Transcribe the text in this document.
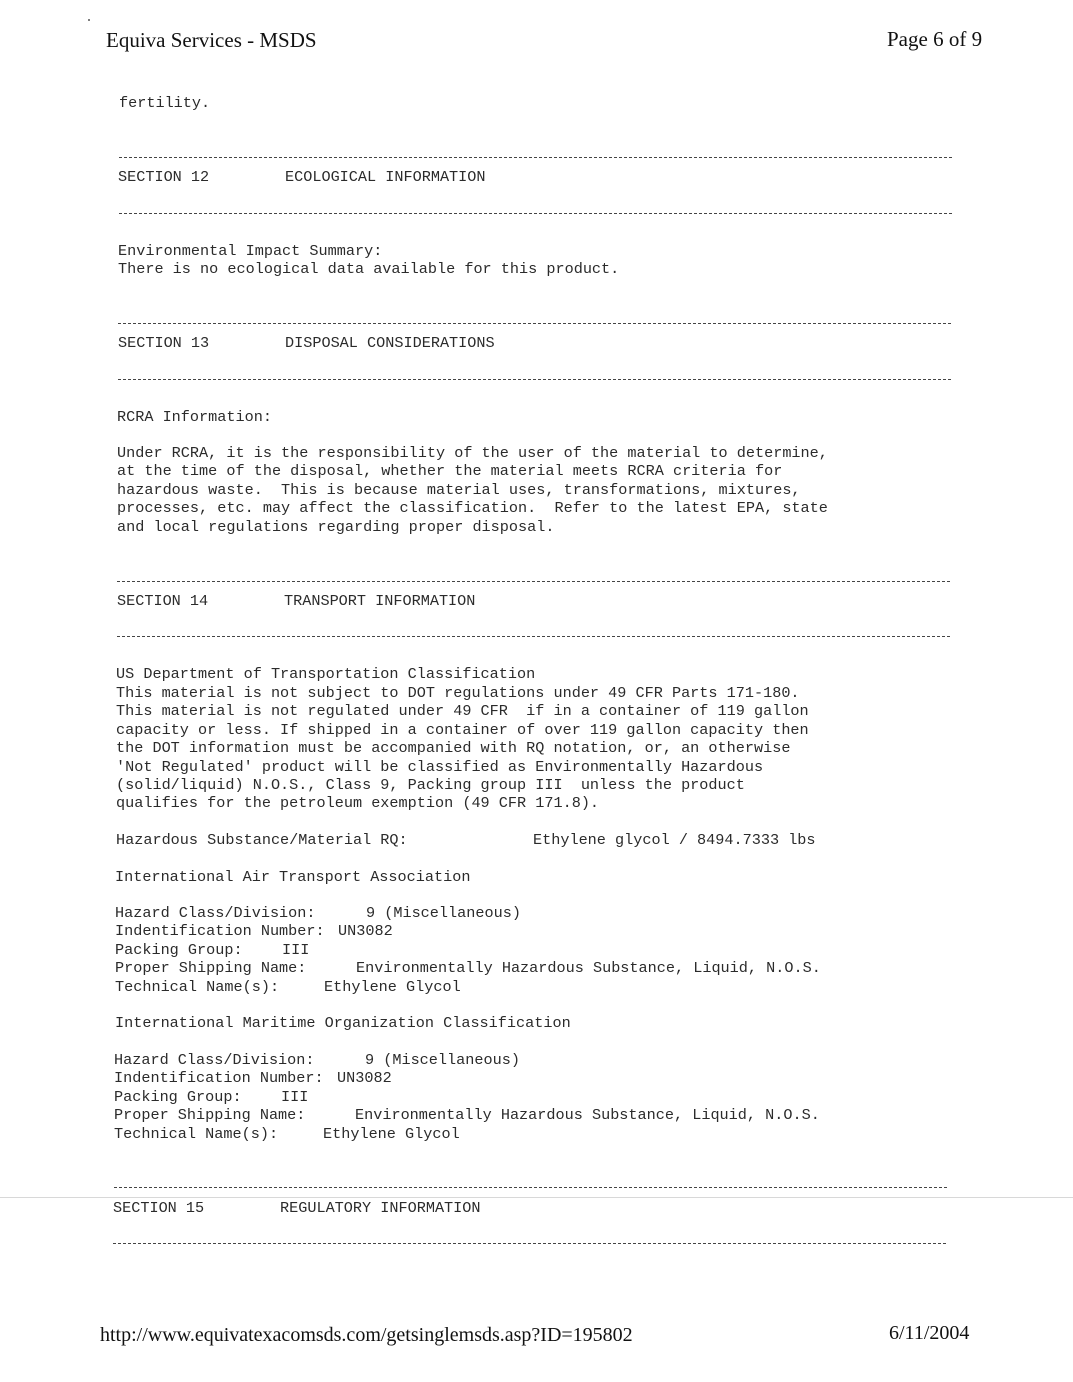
Equiva Services - MSDS	Page 6 of 9
fertility.
SECTION 12	ECOLOGICAL INFORMATION
Environmental Impact Summary:
There is no ecological data available for this product.
SECTION 13	DISPOSAL CONSIDERATIONS
RCRA Information:
Under RCRA, it is the responsibility of the user of the material to determine,
at the time of the disposal, whether the material meets RCRA criteria for
hazardous waste.  This is because material uses, transformations, mixtures,
processes, etc. may affect the classification.  Refer to the latest EPA, state
and local regulations regarding proper disposal.
SECTION 14	TRANSPORT INFORMATION
US Department of Transportation Classification
This material is not subject to DOT regulations under 49 CFR Parts 171-180.
This material is not regulated under 49 CFR  if in a container of 119 gallon
capacity or less. If shipped in a container of over 119 gallon capacity then
the DOT information must be accompanied with RQ notation, or, an otherwise
'Not Regulated' product will be classified as Environmentally Hazardous
(solid/liquid) N.O.S., Class 9, Packing group III  unless the product
qualifies for the petroleum exemption (49 CFR 171.8).
Hazardous Substance/Material RQ:	Ethylene glycol / 8494.7333 lbs
International Air Transport Association
Hazard Class/Division:	9 (Miscellaneous)
Indentification Number: UN3082
Packing Group:	III
Proper Shipping Name:	Environmentally Hazardous Substance, Liquid, N.O.S.
Technical Name(s):	Ethylene Glycol
International Maritime Organization Classification
Hazard Class/Division:	9 (Miscellaneous)
Indentification Number: UN3082
Packing Group:	III
Proper Shipping Name:	Environmentally Hazardous Substance, Liquid, N.O.S.
Technical Name(s):	Ethylene Glycol
SECTION 15	REGULATORY INFORMATION
http://www.equivatexacomsds.com/getsinglemsds.asp?ID=195802	6/11/2004
